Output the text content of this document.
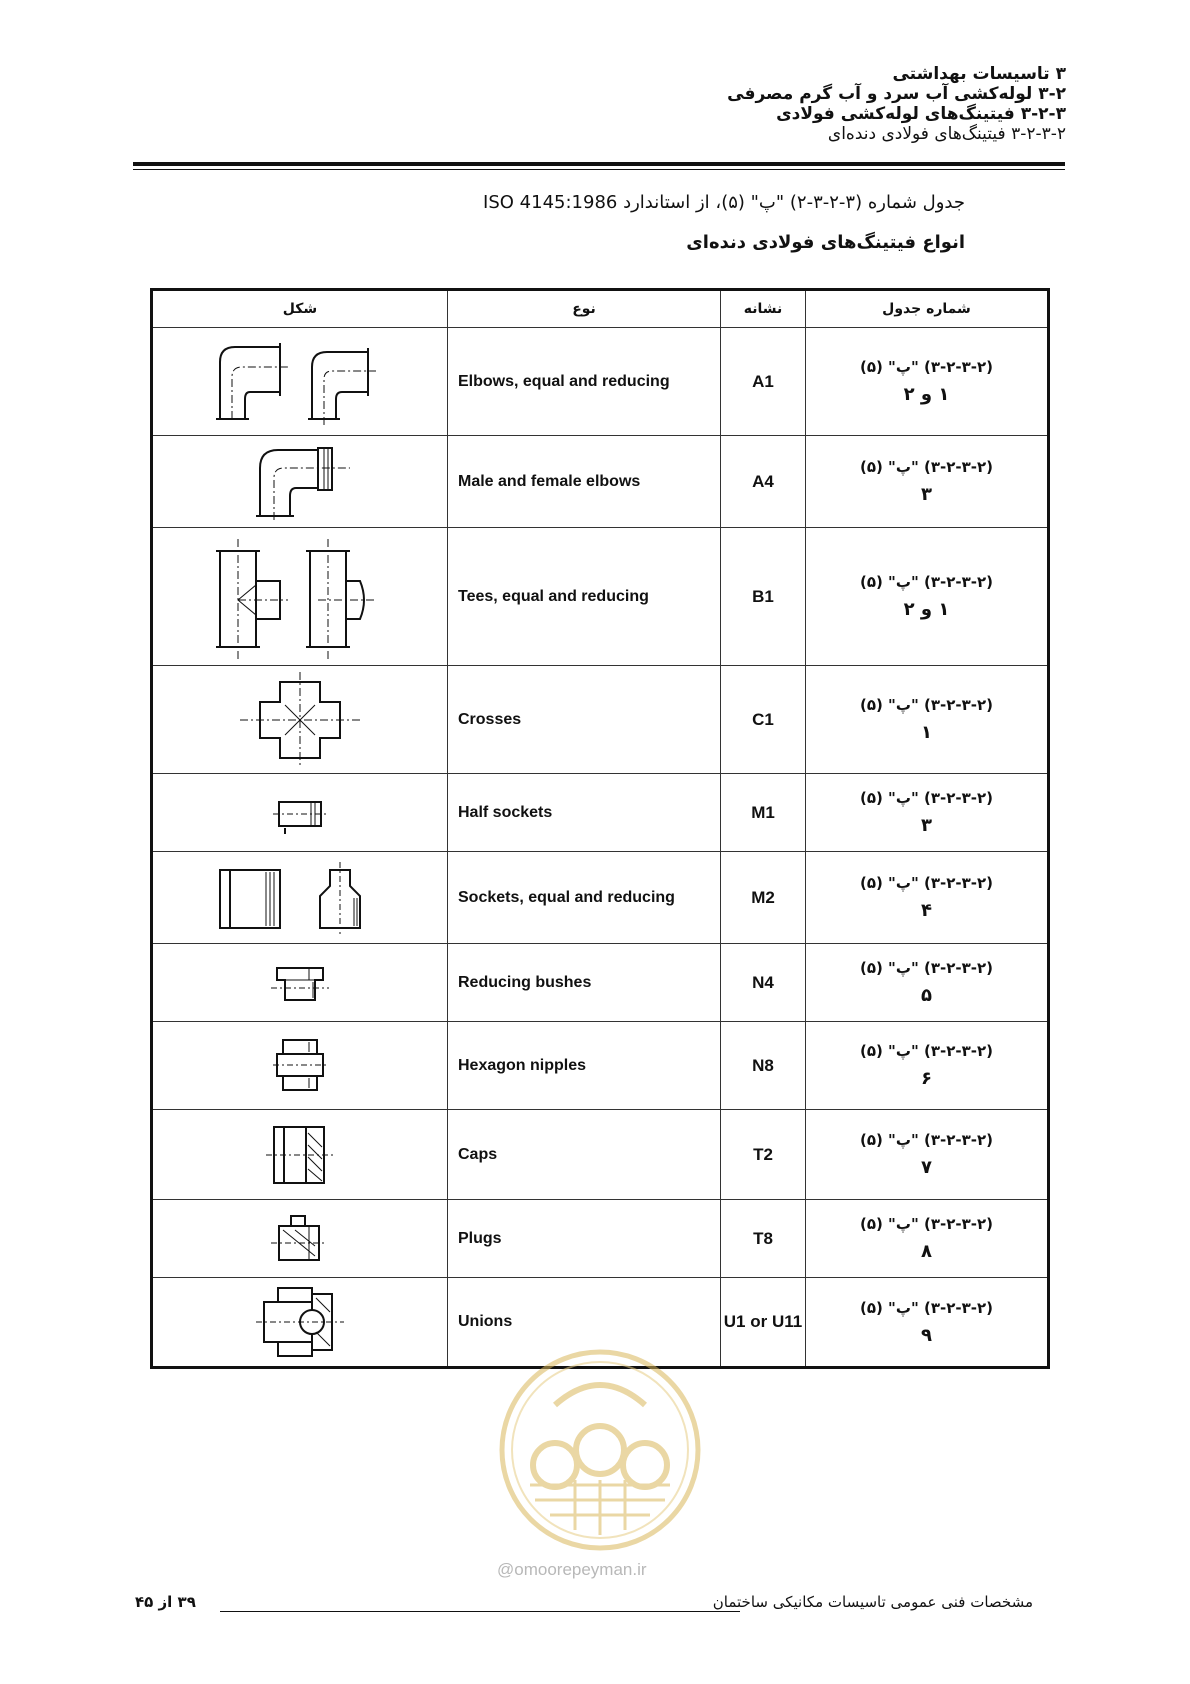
۳ تاسیسات بهداشتی
۳-۲ لوله‌کشی آب سرد و آب گرم مصرفی
۳-۲-۳ فیتینگ‌های لوله‌کشی فولادی
۳-۲-۳-۲ فیتینگ‌های فولادی دنده‌ای
جدول شماره (۳-۲-۳-۲) "پ" (۵)، از استاندارد ISO 4145:1986
انواع فیتینگ‌های فولادی دنده‌ای
شکل	نوع	نشانه	شماره جدول

	Elbows, equal and reducing	A1	(۳-۲-۳-۲) "پ" (۵)
۱ و ۲

	Male and female elbows	A4	(۳-۲-۳-۲) "پ" (۵)
۳

	Tees, equal and reducing	B1	(۳-۲-۳-۲) "پ" (۵)
۱ و ۲

	Crosses	C1	(۳-۲-۳-۲) "پ" (۵)
۱

	Half sockets	M1	(۳-۲-۳-۲) "پ" (۵)
۳

	Sockets, equal and reducing	M2	(۳-۲-۳-۲) "پ" (۵)
۴

	Reducing bushes	N4	(۳-۲-۳-۲) "پ" (۵)
۵

	Hexagon nipples	N8	(۳-۲-۳-۲) "پ" (۵)
۶

	Caps	T2	(۳-۲-۳-۲) "پ" (۵)
۷

	Plugs	T8	(۳-۲-۳-۲) "پ" (۵)
۸

	Unions	U1 or U11	(۳-۲-۳-۲) "پ" (۵)
۹
@omoorepeyman.ir
مشخصات فنی عمومی تاسیسات مکانیکی ساختمان
۳۹ از ۴۵
